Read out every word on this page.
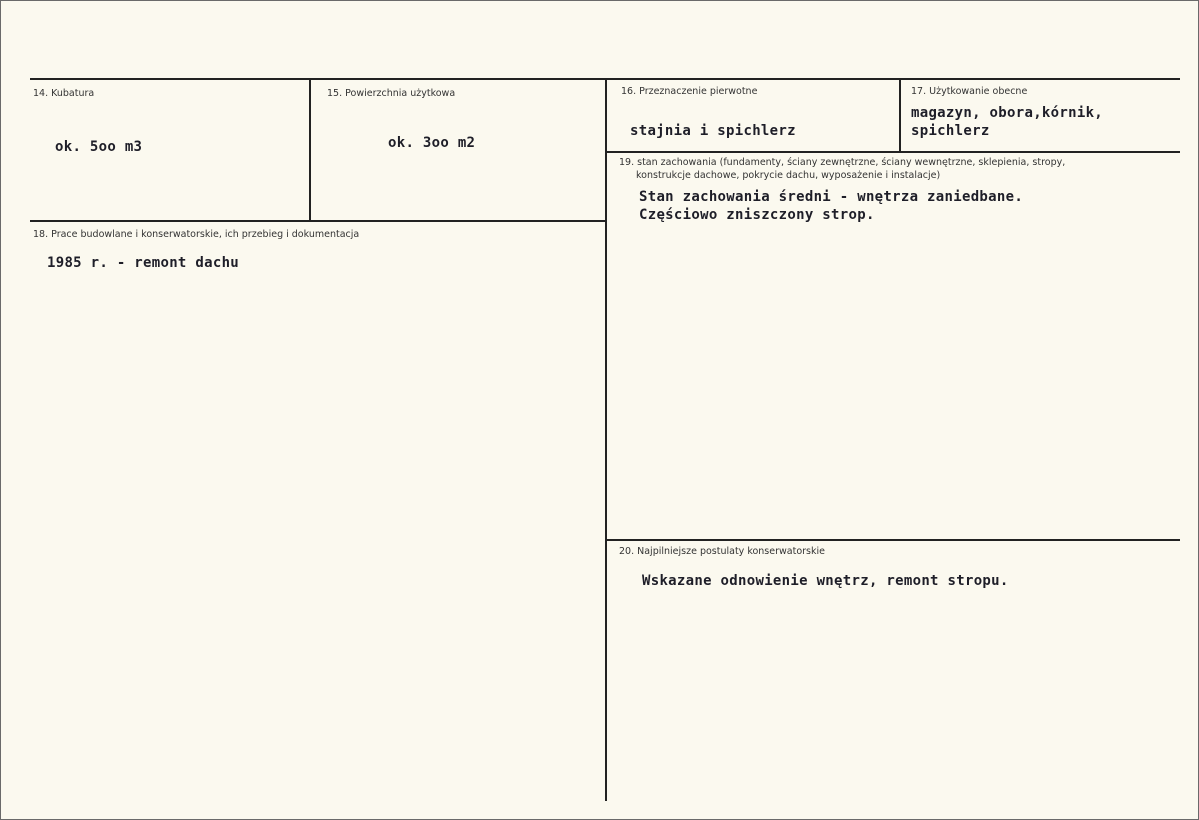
14. Kubatura
ok. 5oo m3
15. Powierzchnia użytkowa
ok. 3oo m2
16. Przeznaczenie pierwotne
stajnia i spichlerz
17. Użytkowanie obecne
magazyn, obora,kórnik,
spichlerz
18. Prace budowlane i konserwatorskie, ich przebieg i dokumentacja
1985 r. - remont dachu
19. stan zachowania (fundamenty, ściany zewnętrzne, ściany wewnętrzne, sklepienia, stropy,
konstrukcje dachowe, pokrycie dachu, wyposażenie i instalacje)
Stan zachowania średni - wnętrza zaniedbane.
Częściowo zniszczony strop.
20. Najpilniejsze postulaty konserwatorskie
Wskazane odnowienie wnętrz, remont stropu.
